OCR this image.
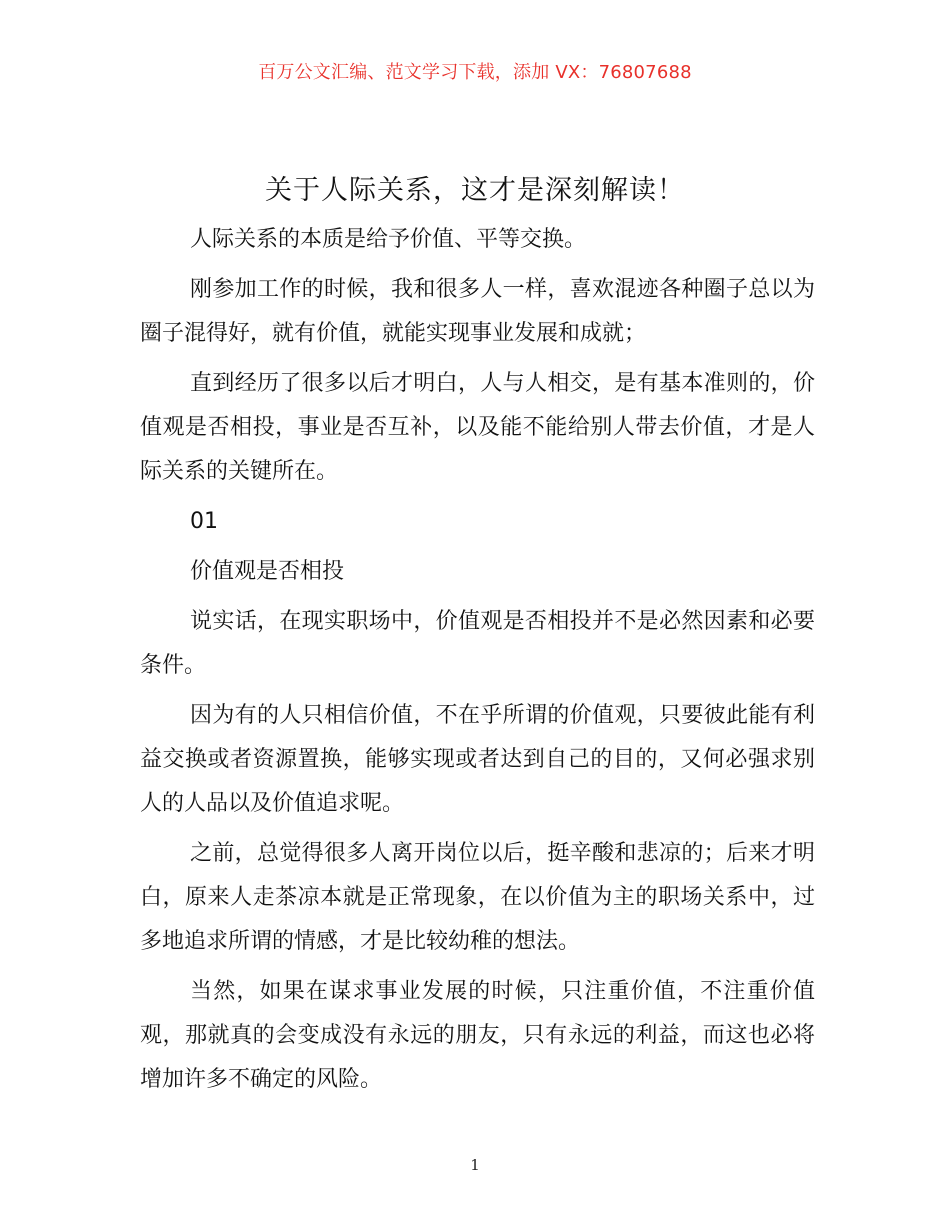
百万公文汇编、范文学习下载，添加 VX：76807688
关于人际关系，这才是深刻解读！

人际关系的本质是给予价值、平等交换。

刚参加工作的时候，我和很多人一样，喜欢混迹各种圈子总以为圈子混得好，就有价值，就能实现事业发展和成就；

直到经历了很多以后才明白，人与人相交，是有基本准则的，价值观是否相投，事业是否互补，以及能不能给别人带去价值，才是人际关系的关键所在。

01

价值观是否相投

说实话，在现实职场中，价值观是否相投并不是必然因素和必要条件。

因为有的人只相信价值，不在乎所谓的价值观，只要彼此能有利益交换或者资源置换，能够实现或者达到自己的目的，又何必强求别人的人品以及价值追求呢。

之前，总觉得很多人离开岗位以后，挺辛酸和悲凉的；后来才明白，原来人走茶凉本就是正常现象，在以价值为主的职场关系中，过多地追求所谓的情感，才是比较幼稚的想法。

当然，如果在谋求事业发展的时候，只注重价值，不注重价值观，那就真的会变成没有永远的朋友，只有永远的利益，而这也必将增加许多不确定的风险。

1
